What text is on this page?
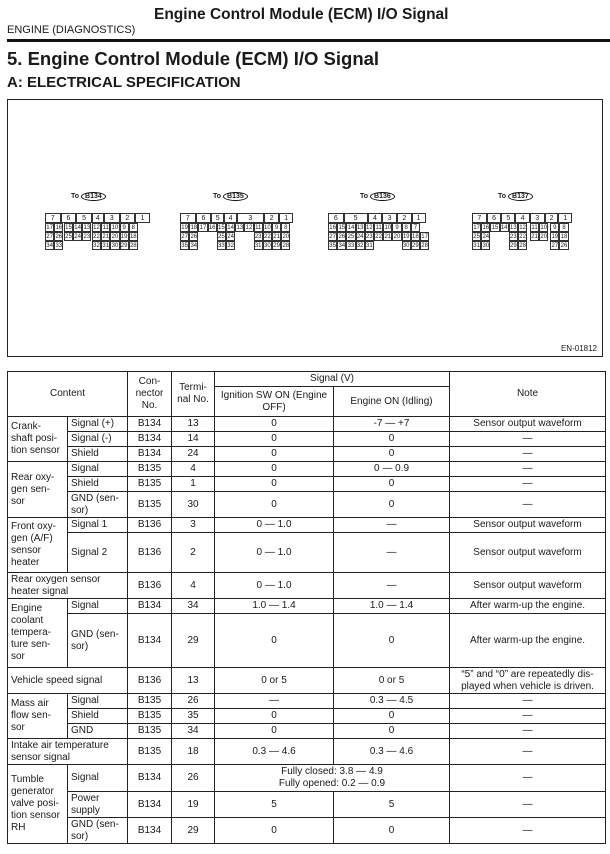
Engine Control Module (ECM) I/O Signal
ENGINE (DIAGNOSTICS)
5. Engine Control Module (ECM) I/O Signal
A: ELECTRICAL SPECIFICATION
EN-01812
To B134
7	6	5	4	3	2	1
17 16 15 14 13 12 11 10 9 8
27 26 25 24 23 22 21 20 19 18
34 33	32 31 30 29 28
To B135
7	6	5	4	3	2	1
19 18 17 16 15 14 13 12 11 10 9 8
27 26	25 24	23 22 21 20
35 34	33 32	31 30 29 28
To B136
6	5	4	3	2	1
16 15 14 13 12 11 10 9 8 7
27 26 25 24 23 22 21 20 19 18 17
35 34 33 32 31	30 29 28
To B137
7	6	5	4	3	2	1
17 16 15 14 13 12 11 10	9 8
25 24	23 22 21 20 19 18
31 30	29 28	27 26
Content		Con- nector No.	Termi- nal No.	Signal (V)		Note
				Ignition SW ON (Engine OFF)	Engine ON (Idling)	
Crank- shaft posi- tion sensor	Signal (+)	B134	13	0	-7 — +7	Sensor output waveform
	Signal (-)	B134	14	0	0	—
	Shield	B134	24	0	0	—
Rear oxy- gen sen- sor	Signal	B135	4	0	0 — 0.9	—
	Shield	B135	1	0	0	—
	GND (sen- sor)	B135	30	0	0	—
Front oxy- gen (A/F) sensor heater	Signal 1	B136	3	0 — 1.0	—	Sensor output waveform
	Signal 2	B136	2	0 — 1.0	—	Sensor output waveform
Rear oxygen sensor heater signal		B136	4	0 — 1.0	—	Sensor output waveform
Engine coolant tempera- ture sen- sor	Signal	B134	34	1.0 — 1.4	1.0 — 1.4	After warm-up the engine.
	GND (sen- sor)	B134	29	0	0	After warm-up the engine.
Vehicle speed signal		B136	13	0 or 5	0 or 5	“5” and “0” are repeatedly dis- played when vehicle is driven.
Mass air flow sen- sor	Signal	B135	26	—	0.3 — 4.5	—
	Shield	B135	35	0	0	—
	GND	B135	34	0	0	—
Intake air temperature sensor signal		B135	18	0.3 — 4.6	0.3 — 4.6	—
Tumble generator valve posi- tion sensor RH	Signal	B134	26	Fully closed: 3.8 — 4.9
Fully opened: 0.2 — 0.9		—
	Power supply	B134	19	5	5	—
	GND (sen- sor)	B134	29	0	0	—
